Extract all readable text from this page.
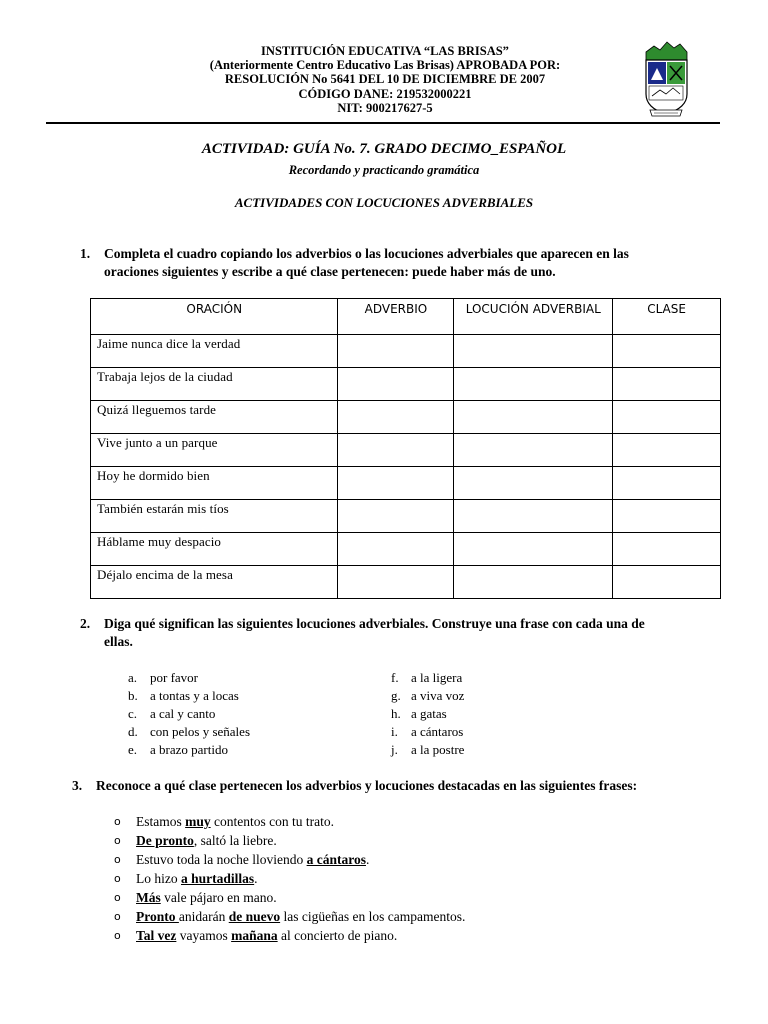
INSTITUCIÓN EDUCATIVA “LAS BRISAS”
(Anteriormente Centro Educativo Las Brisas) APROBADA POR:
RESOLUCIÓN No 5641 DEL 10 DE DICIEMBRE DE 2007
CÓDIGO DANE: 219532000221
NIT: 900217627-5
ACTIVIDAD: GUÍA No. 7. GRADO DECIMO_ESPAÑOL
Recordando y practicando gramática
ACTIVIDADES CON LOCUCIONES ADVERBIALES
1. Completa el cuadro copiando los adverbios o las locuciones adverbiales que aparecen en las
oraciones siguientes y escribe a qué clase pertenecen: puede haber más de uno.
ORACIÓN	ADVERBIO	LOCUCIÓN ADVERBIAL	CLASE
Jaime nunca dice la verdad			
Trabaja lejos de la ciudad			
Quizá lleguemos tarde			
Vive junto a un parque			
Hoy he dormido bien			
También estarán mis tíos			
Háblame muy despacio			
Déjalo encima de la mesa			
2. Diga qué significan las siguientes locuciones adverbiales. Construye una frase con cada una de
ellas.
a. por favor
b. a tontas y a locas
c. a cal y canto
d. con pelos y señales
e. a brazo partido
f. a la ligera
g. a viva voz
h. a gatas
i. a cántaros
j. a la postre
3. Reconoce a qué clase pertenecen los adverbios y locuciones destacadas en las siguientes frases:
o Estamos muy contentos con tu trato.
o De pronto, saltó la liebre.
o Estuvo toda la noche lloviendo a cántaros.
o Lo hizo a hurtadillas.
o Más vale pájaro en mano.
o Pronto anidarán de nuevo las cigüeñas en los campamentos.
o Tal vez vayamos mañana al concierto de piano.
